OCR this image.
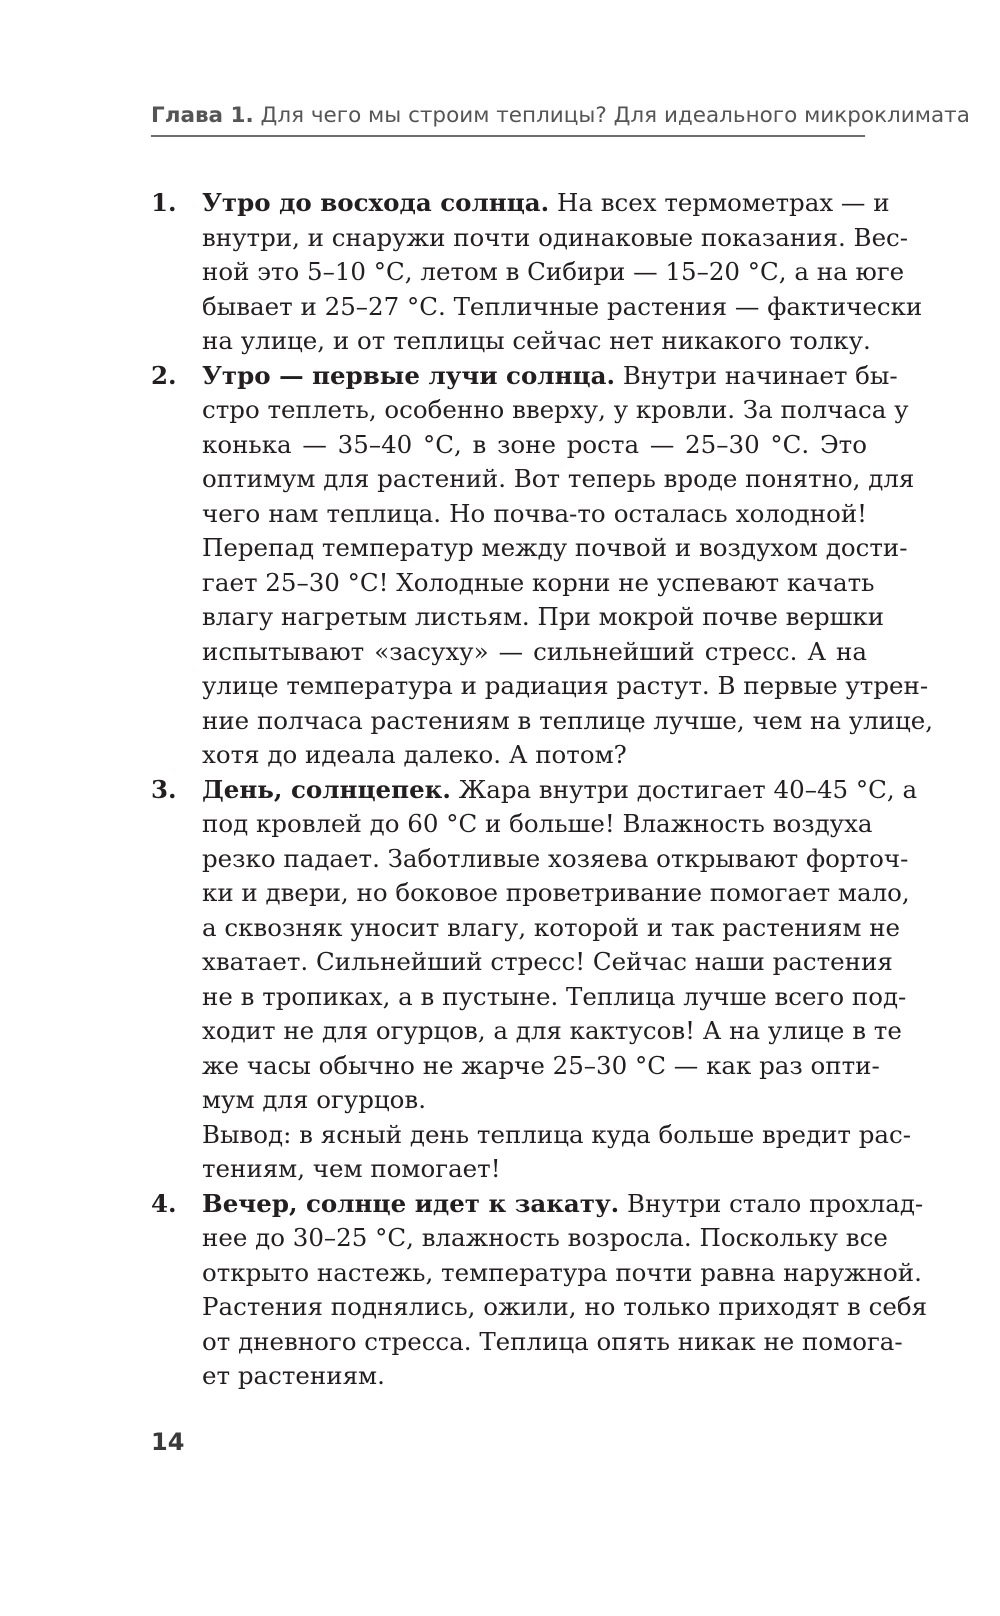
Глава 1. Для чего мы строим теплицы? Для идеального микроклимата
1. Утро до восхода солнца. На всех термометрах — и
внутри, и снаружи почти одинаковые показания. Вес-
ной это 5–10 °С, летом в Сибири — 15–20 °С, а на юге
бывает и 25–27 °С. Тепличные растения — фактически
на улице, и от теплицы сейчас нет никакого толку.
2. Утро — первые лучи солнца. Внутри начинает бы-
стро теплеть, особенно вверху, у кровли. За полчаса у
конька — 35–40 °С, в зоне роста — 25–30 °С. Это
оптимум для растений. Вот теперь вроде понятно, для
чего нам теплица. Но почва-то осталась холодной!
Перепад температур между почвой и воздухом дости-
гает 25–30 °С! Холодные корни не успевают качать
влагу нагретым листьям. При мокрой почве вершки
испытывают «засуху» — сильнейший стресс. А на
улице температура и радиация растут. В первые утрен-
ние полчаса растениям в теплице лучше, чем на улице,
хотя до идеала далеко. А потом?
3. День, солнцепек. Жара внутри достигает 40–45 °С, а
под кровлей до 60 °С и больше! Влажность воздуха
резко падает. Заботливые хозяева открывают форточ-
ки и двери, но боковое проветривание помогает мало,
а сквозняк уносит влагу, которой и так растениям не
хватает. Сильнейший стресс! Сейчас наши растения
не в тропиках, а в пустыне. Теплица лучше всего под-
ходит не для огурцов, а для кактусов! А на улице в те
же часы обычно не жарче 25–30 °С — как раз опти-
мум для огурцов.
Вывод: в ясный день теплица куда больше вредит рас-
тениям, чем помогает!
4. Вечер, солнце идет к закату. Внутри стало прохлад-
нее до 30–25 °С, влажность возросла. Поскольку все
открыто настежь, температура почти равна наружной.
Растения поднялись, ожили, но только приходят в себя
от дневного стресса. Теплица опять никак не помога-
ет растениям.
14
